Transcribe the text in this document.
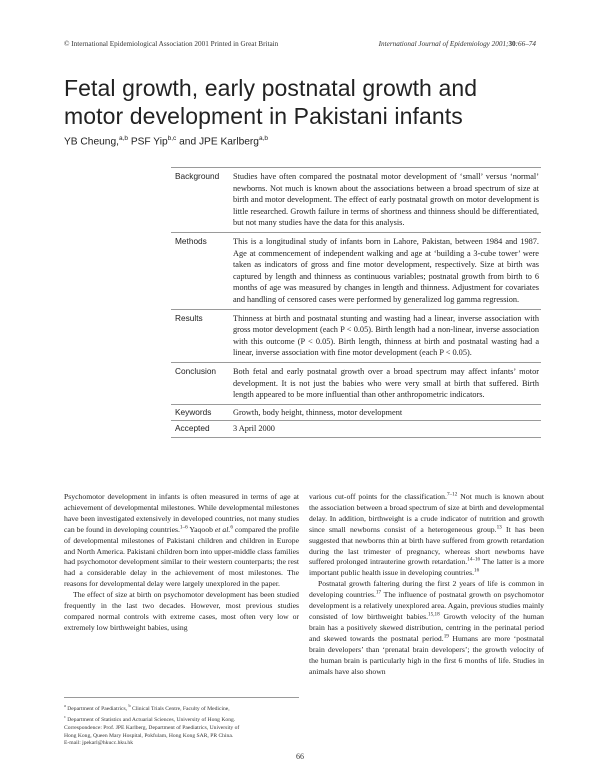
© International Epidemiological Association 2001 Printed in Great Britain	International Journal of Epidemiology 2001;30:66–74
Fetal growth, early postnatal growth and
motor development in Pakistani infants
YB Cheung,$^{a,b}$ PSF Yip$^{b,c}$ and JPE Karlberg$^{a,b}$
Background	Studies have often compared the postnatal motor development of ‘small’ versus ‘normal’ newborns. Not much is known about the associations between a broad spectrum of size at birth and motor development. The effect of early postnatal growth on motor development is little researched. Growth failure in terms of shortness and thinness should be differentiated, but not many studies have the data for this analysis.
Methods	This is a longitudinal study of infants born in Lahore, Pakistan, between 1984 and 1987. Age at commencement of independent walking and age at ‘building a 3-cube tower’ were taken as indicators of gross and fine motor development, respectively. Size at birth was captured by length and thinness as continuous variables; postnatal growth from birth to 6 months of age was measured by changes in length and thinness. Adjustment for covariates and handling of censored cases were performed by generalized log gamma regression.
Results	Thinness at birth and postnatal stunting and wasting had a linear, inverse association with gross motor development (each P < 0.05). Birth length had a non-linear, inverse association with this outcome (P < 0.05). Birth length, thinness at birth and postnatal wasting had a linear, inverse association with fine motor development (each P < 0.05).
Conclusion	Both fetal and early postnatal growth over a broad spectrum may affect infants’ motor development. It is not just the babies who were very small at birth that suffered. Birth length appeared to be more influential than other anthropometric indicators.
Keywords	Growth, body height, thinness, motor development
Accepted	3 April 2000

Psychomotor development in infants is often measured in terms of age at achievement of developmental milestones. While developmental milestones have been investigated extensively in developed countries, not many studies can be found in developing countries.$^{1-6}$ Yaqoob et al.$^6$ compared the profile of developmental milestones of Pakistani children and children in Europe and North America. Pakistani children born into upper-middle class families had psychomotor development similar to their western counterparts; the rest had a considerable delay in the achievement of most milestones. The reasons for developmental delay were largely unexplored in the paper.

The effect of size at birth on psychomotor development has been studied frequently in the last two decades. However, most previous studies compared normal controls with extreme cases, most often very low or extremely low birthweight babies, using

various cut-off points for the classification.$^{7-12}$ Not much is known about the association between a broad spectrum of size at birth and developmental delay. In addition, birthweight is a crude indicator of nutrition and growth since small newborns consist of a heterogeneous group.$^{13}$ It has been suggested that newborns thin at birth have suffered from growth retardation during the last trimester of pregnancy, whereas short newborns have suffered prolonged intrauterine growth retardation.$^{14-16}$ The latter is a more important public health issue in developing countries.$^{16}$

Postnatal growth faltering during the first 2 years of life is common in developing countries.$^{17}$ The influence of postnatal growth on psychomotor development is a relatively unexplored area. Again, previous studies mainly consisted of low birthweight babies.$^{15,18}$ Growth velocity of the human brain has a positively skewed distribution, centring in the perinatal period and skewed towards the postnatal period.$^{19}$ Humans are more ‘postnatal brain developers’ than ‘prenatal brain developers’; the growth velocity of the human brain is particularly high in the first 6 months of life. Studies in animals have also shown

$^a$ Department of Paediatrics, $^b$ Clinical Trials Centre, Faculty of Medicine,
$^c$ Department of Statistics and Actuarial Sciences, University of Hong Kong.
Correspondence: Prof. JPE Karlberg, Department of Paediatrics, University of
Hong Kong, Queen Mary Hospital, Pokfulam, Hong Kong SAR, PR China.
E-mail: jpekarl@hkucc.hku.hk
66
